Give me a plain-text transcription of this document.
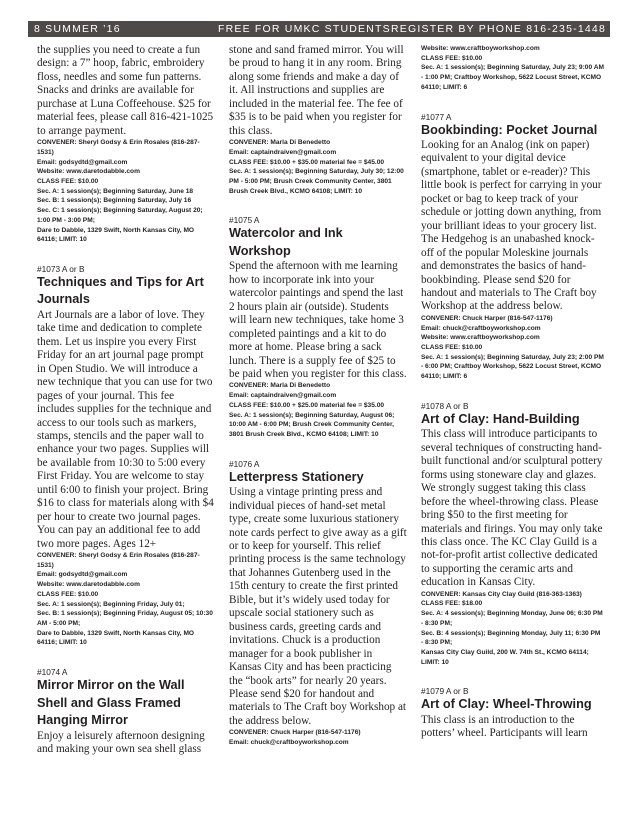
8 SUMMER ’16	FREE FOR UMKC STUDENTS REGISTER BY PHONE 816-235-1448

the supplies you need to create a fun design: a 7” hoop, fabric, embroidery floss, needles and some fun patterns. Snacks and drinks are available for purchase at Luna Coffeehouse. $25 for material fees, please call 816-421-1025 to arrange payment.

CONVENER: Sheryl Godsy & Erin Rosales (816-287-1531)

Email: godsydtd@gmail.com

Website: www.daretodabble.com

CLASS FEE: $10.00

Sec. A: 1 session(s); Beginning Saturday, June 18

Sec. B: 1 session(s); Beginning Saturday, July 16

Sec. C: 1 session(s); Beginning Saturday, August 20; 1:00 PM - 3:00 PM;

Dare to Dabble, 1329 Swift, North Kansas City, MO 64116; LIMIT: 10

#1073 A or B

Techniques and Tips for Art Journals

Art Journals are a labor of love. They take time and dedication to complete them. Let us inspire you every First Friday for an art journal page prompt in Open Studio. We will introduce a new technique that you can use for two pages of your journal. This fee includes supplies for the technique and access to our tools such as markers, stamps, stencils and the paper wall to enhance your two pages. Supplies will be available from 10:30 to 5:00 every First Friday. You are welcome to stay until 6:00 to finish your project. Bring $16 to class for materials along with $4 per hour to create two journal pages. You can pay an additional fee to add two more pages. Ages 12+

CONVENER: Sheryl Godsy & Erin Rosales (816-287-1531)

Email: godsydtd@gmail.com

Website: www.daretodabble.com

CLASS FEE: $10.00

Sec. A: 1 session(s); Beginning Friday, July 01;

Sec. B: 1 session(s); Beginning Friday, August 05; 10:30 AM - 5:00 PM;

Dare to Dabble, 1329 Swift, North Kansas City, MO 64116; LIMIT: 10

#1074 A

Mirror Mirror on the Wall Shell and Glass Framed Hanging Mirror

Enjoy a leisurely afternoon designing and making your own sea shell glass

stone and sand framed mirror. You will be proud to hang it in any room. Bring along some friends and make a day of it. All instructions and supplies are included in the material fee. The fee of $35 is to be paid when you register for this class.

CONVENER: Marla Di Benedetto

Email: captaindraiven@gmail.com

CLASS FEE: $10.00 + $35.00 material fee = $45.00

Sec. A: 1 session(s); Beginning Saturday, July 30; 12:00 PM - 5:00 PM; Brush Creek Community Center, 3801 Brush Creek Blvd., KCMO 64108; LIMIT: 10

#1075 A

Watercolor and Ink Workshop

Spend the afternoon with me learning how to incorporate ink into your watercolor paintings and spend the last 2 hours plain air (outside). Students will learn new techniques, take home 3 completed paintings and a kit to do more at home. Please bring a sack lunch. There is a supply fee of $25 to be paid when you register for this class.

CONVENER: Marla Di Benedetto

Email: captaindraiven@gmail.com

CLASS FEE: $10.00 + $25.00 material fee = $35.00

Sec. A: 1 session(s); Beginning Saturday, August 06; 10:00 AM - 6:00 PM; Brush Creek Community Center, 3801 Brush Creek Blvd., KCMO 64108; LIMIT: 10

#1076 A

Letterpress Stationery

Using a vintage printing press and individual pieces of hand-set metal type, create some luxurious stationery note cards perfect to give away as a gift or to keep for yourself. This relief printing process is the same technology that Johannes Gutenberg used in the 15th century to create the first printed Bible, but it’s widely used today for upscale social stationery such as business cards, greeting cards and invitations. Chuck is a production manager for a book publisher in Kansas City and has been practicing the “book arts” for nearly 20 years. Please send $20 for handout and materials to The Craft boy Workshop at the address below.

CONVENER: Chuck Harper (816-547-1176)

Email: chuck@craftboyworkshop.com

Website: www.craftboyworkshop.com

CLASS FEE: $10.00

Sec. A: 1 session(s); Beginning Saturday, July 23; 9:00 AM - 1:00 PM; Craftboy Workshop, 5622 Locust Street, KCMO 64110; LIMIT: 6

#1077 A

Bookbinding: Pocket Journal

Looking for an Analog (ink on paper) equivalent to your digital device (smartphone, tablet or e-reader)? This little book is perfect for carrying in your pocket or bag to keep track of your schedule or jotting down anything, from your brilliant ideas to your grocery list. The Hedgehog is an unabashed knock-off of the popular Moleskine journals and demonstrates the basics of hand-bookbinding. Please send $20 for handout and materials to The Craft boy Workshop at the address below.

CONVENER: Chuck Harper (816-547-1176)

Email: chuck@craftboyworkshop.com

Website: www.craftboyworkshop.com

CLASS FEE: $10.00

Sec. A: 1 session(s); Beginning Saturday, July 23; 2:00 PM - 6:00 PM; Craftboy Workshop, 5622 Locust Street, KCMO 64110; LIMIT: 6

#1078 A or B

Art of Clay: Hand-Building

This class will introduce participants to several techniques of constructing hand-built functional and/or sculptural pottery forms using stoneware clay and glazes. We strongly suggest taking this class before the wheel-throwing class. Please bring $50 to the first meeting for materials and firings. You may only take this class once. The KC Clay Guild is a not-for-profit artist collective dedicated to supporting the ceramic arts and education in Kansas City.

CONVENER: Kansas City Clay Guild (816-363-1363)

CLASS FEE: $18.00

Sec. A: 4 session(s); Beginning Monday, June 06; 6:30 PM - 8:30 PM;

Sec. B: 4 session(s); Beginning Monday, July 11; 6:30 PM - 8:30 PM;

Kansas City Clay Guild, 200 W. 74th St., KCMO 64114; LIMIT: 10

#1079 A or B

Art of Clay: Wheel-Throwing

This class is an introduction to the potters’ wheel. Participants will learn
